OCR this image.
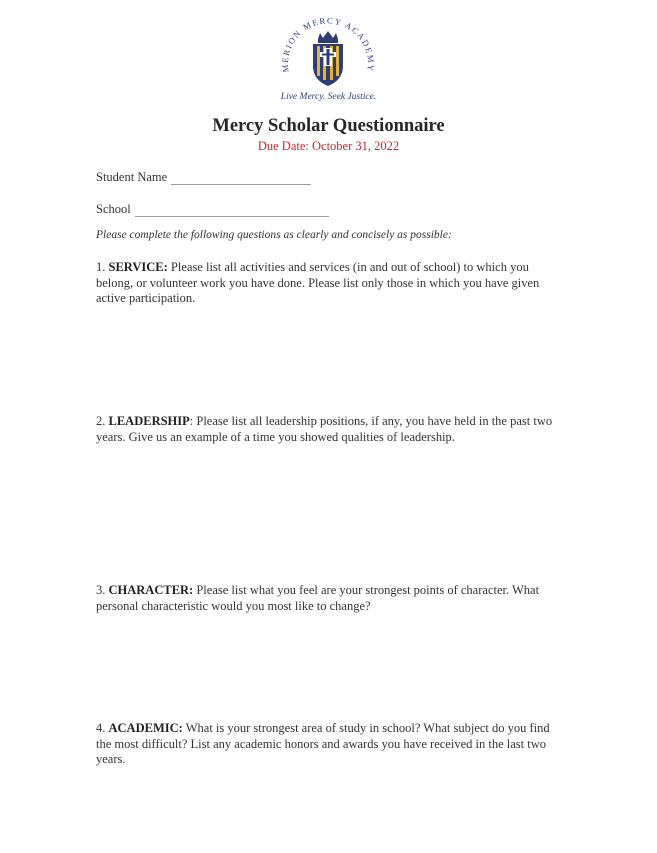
MERION MERCY ACADEMY
Live Mercy. Seek Justice.
Mercy Scholar Questionnaire
Due Date: October 31, 2022
Student Name
School
Please complete the following questions as clearly and concisely as possible:
1. SERVICE: Please list all activities and services (in and out of school) to which you belong, or volunteer work you have done. Please list only those in which you have given active participation.
2. LEADERSHIP: Please list all leadership positions, if any, you have held in the past two years. Give us an example of a time you showed qualities of leadership.
3. CHARACTER: Please list what you feel are your strongest points of character. What personal characteristic would you most like to change?
4. ACADEMIC: What is your strongest area of study in school? What subject do you find the most difficult? List any academic honors and awards you have received in the last two years.
